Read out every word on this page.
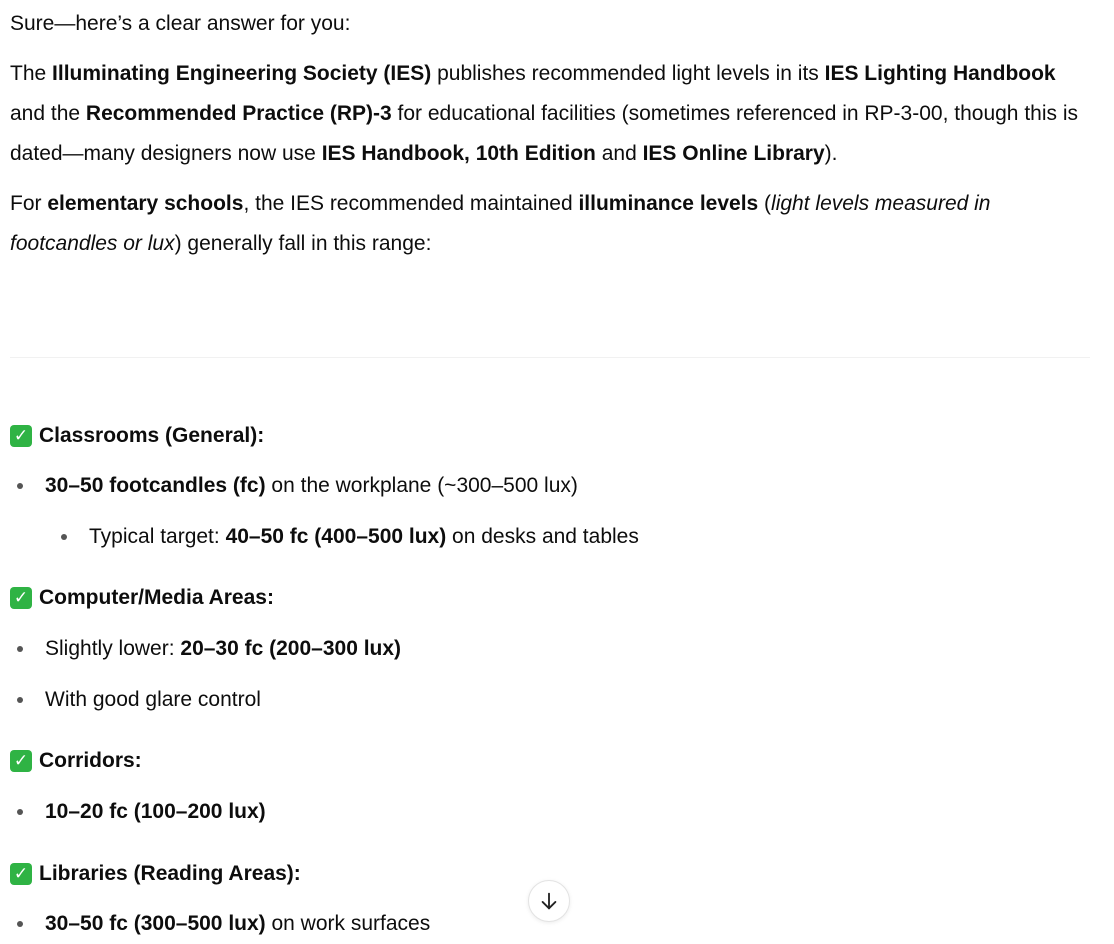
Sure—here’s a clear answer for you:

The Illuminating Engineering Society (IES) publishes recommended light levels in its IES Lighting Handbook and the Recommended Practice (RP)-3 for educational facilities (sometimes referenced in RP-3-00, though this is dated—many designers now use IES Handbook, 10th Edition and IES Online Library).

For elementary schools, the IES recommended maintained illuminance levels (light levels measured in footcandles or lux) generally fall in this range:

✓ Classrooms (General):
30–50 footcandles (fc) on the workplane (~300–500 lux)
Typical target: 40–50 fc (400–500 lux) on desks and tables
✓ Computer/Media Areas:
Slightly lower: 20–30 fc (200–300 lux)
With good glare control
✓ Corridors:
10–20 fc (100–200 lux)
✓ Libraries (Reading Areas):
30–50 fc (300–500 lux) on work surfaces
